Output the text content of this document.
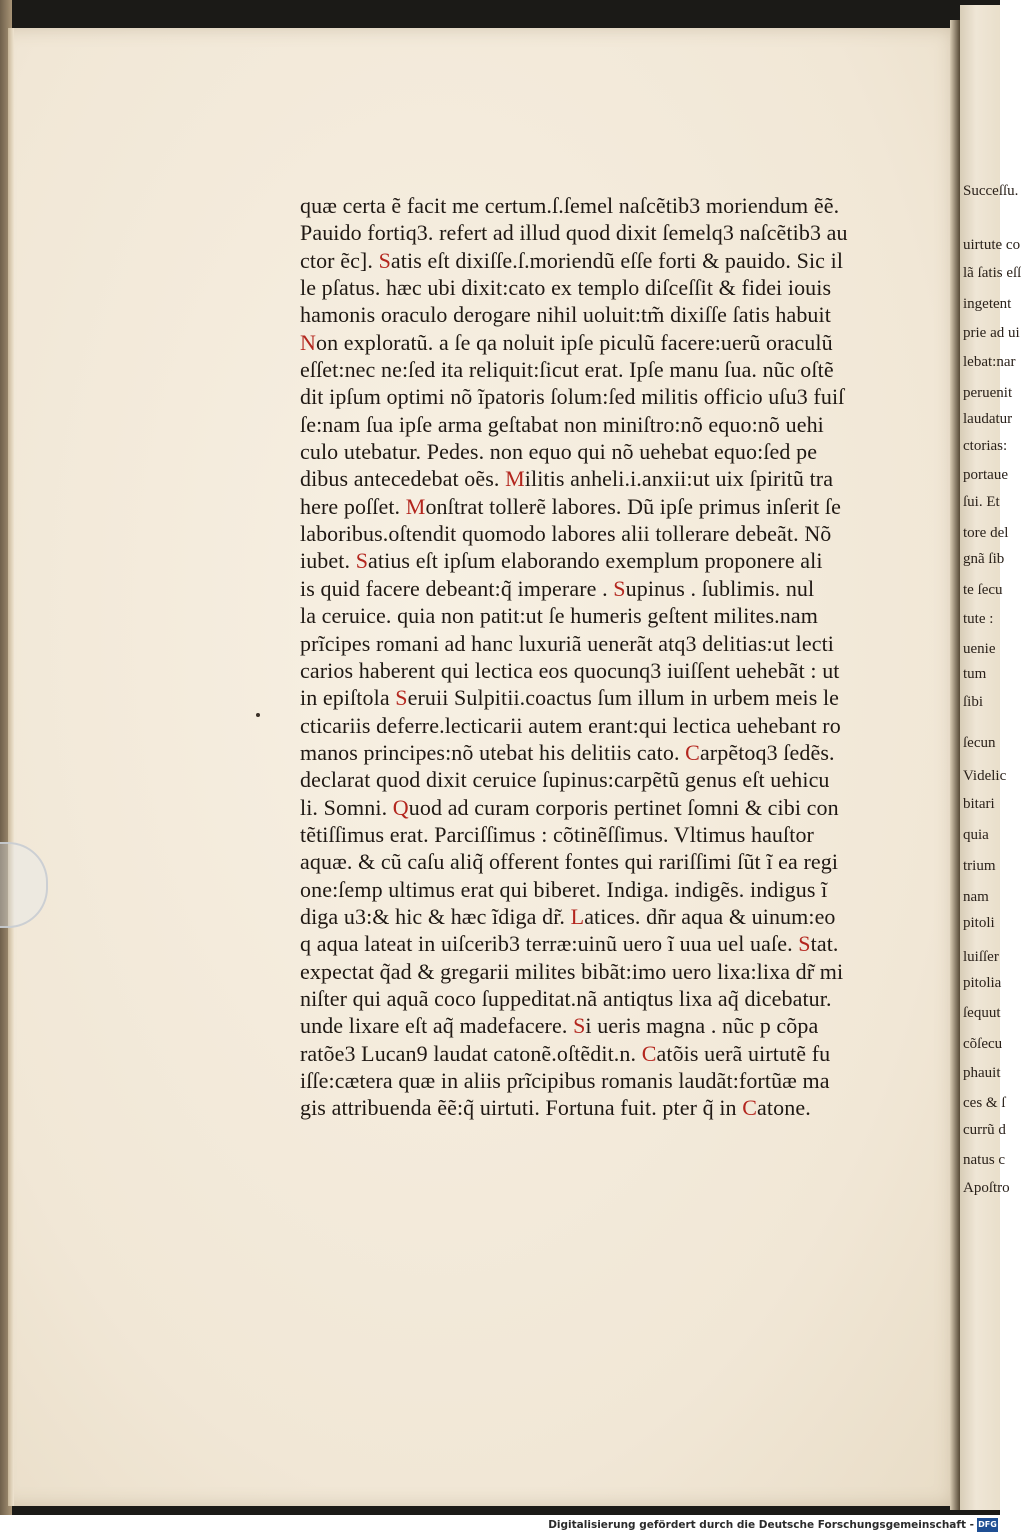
Succeſſu.
uirtute co
lã ſatis eſſ
ingetent
prie ad ui
lebat:nar
peruenit
laudatur
ctorias:
portaue
ſui. Et
tore del
gnã ſib
te ſecu
tute :
uenie
tum
ſibi
ſecun
Videlic
bitari
quia
trium
nam
pitoli
luiſſer
pitolia
ſequut
cõſecu
phauit
ces & ſ
currũ d
natus c
Apoſtro
quæ certa ẽ facit me certum.ſ.ſemel naſcẽtib3 moriendum ẽẽ.
Pauido fortiq3. refert ad illud quod dixit ſemelq3 naſcẽtib3 au
ctor ẽc]. Satis eſt dixiſſe.ſ.moriendũ eſſe forti & pauido. Sic il
le pſatus. hæc ubi dixit:cato ex templo diſceſſit & fidei iouis
hamonis oraculo derogare nihil uoluit:tm̃ dixiſſe ſatis habuit
Non exploratũ. a ſe qa noluit ipſe piculũ facere:uerũ oraculũ
eſſet:nec ne:ſed ita reliquit:ſicut erat. Ipſe manu ſua. nũc oſtẽ
dit ipſum optimi nõ ĩpatoris ſolum:ſed militis officio uſu3 fuiſ
ſe:nam ſua ipſe arma geſtabat non miniſtro:nõ equo:nõ uehi
culo utebatur. Pedes. non equo qui nõ uehebat equo:ſed pe
dibus antecedebat oẽs. Militis anheli.i.anxii:ut uix ſpiritũ tra
here poſſet. Monſtrat tollerẽ labores. Dũ ipſe primus inſerit ſe
laboribus.oſtendit quomodo labores alii tollerare debeãt. Nõ
iubet. Satius eſt ipſum elaborando exemplum proponere ali
is quid facere debeant:q̃ imperare . Supinus . ſublimis. nul
la ceruice. quia non patit:ut ſe humeris geſtent milites.nam
prĩcipes romani ad hanc luxuriã uenerãt atq3 delitias:ut lecti
carios haberent qui lectica eos quocunq3 iuiſſent uehebãt : ut
in epiſtola Seruii Sulpitii.coactus ſum illum in urbem meis le
cticariis deferre.lecticarii autem erant:qui lectica uehebant ro
manos principes:nõ utebat his delitiis cato. Carpẽtoq3 ſedẽs.
declarat quod dixit ceruice ſupinus:carpẽtũ genus eſt uehicu
li. Somni. Quod ad curam corporis pertinet ſomni & cibi con
tẽtiſſimus erat. Parciſſimus : cõtinẽſſimus. Vltimus hauſtor
aquæ. & cũ caſu aliq̃ offerent fontes qui rariſſimi ſũt ĩ ea regi
one:ſemp ultimus erat qui biberet. Indiga. indigẽs. indigus ĩ
diga u3:& hic & hæc ĩdiga dr̃. Latices. dñr aqua & uinum:eo
q aqua lateat in uiſcerib3 terræ:uinũ uero ĩ uua uel uaſe. Stat.
expectat q̃ad & gregarii milites bibãt:imo uero lixa:lixa dr̃ mi
niſter qui aquã coco ſuppeditat.nã antiqtus lixa aq̃ dicebatur.
unde lixare eſt aq̃ madefacere. Si ueris magna . nũc p cõpa
ratõe3 Lucan9 laudat catonẽ.oſtẽdit.n. Catõis uerã uirtutẽ fu
iſſe:cætera quæ in aliis prĩcipibus romanis laudãt:fortũæ ma
gis attribuenda ẽẽ:q̃ uirtuti. Fortuna fuit. pter q̃ in Catone.
Digitalisierung gefördert durch die Deutsche Forschungsgemeinschaft - DFG
